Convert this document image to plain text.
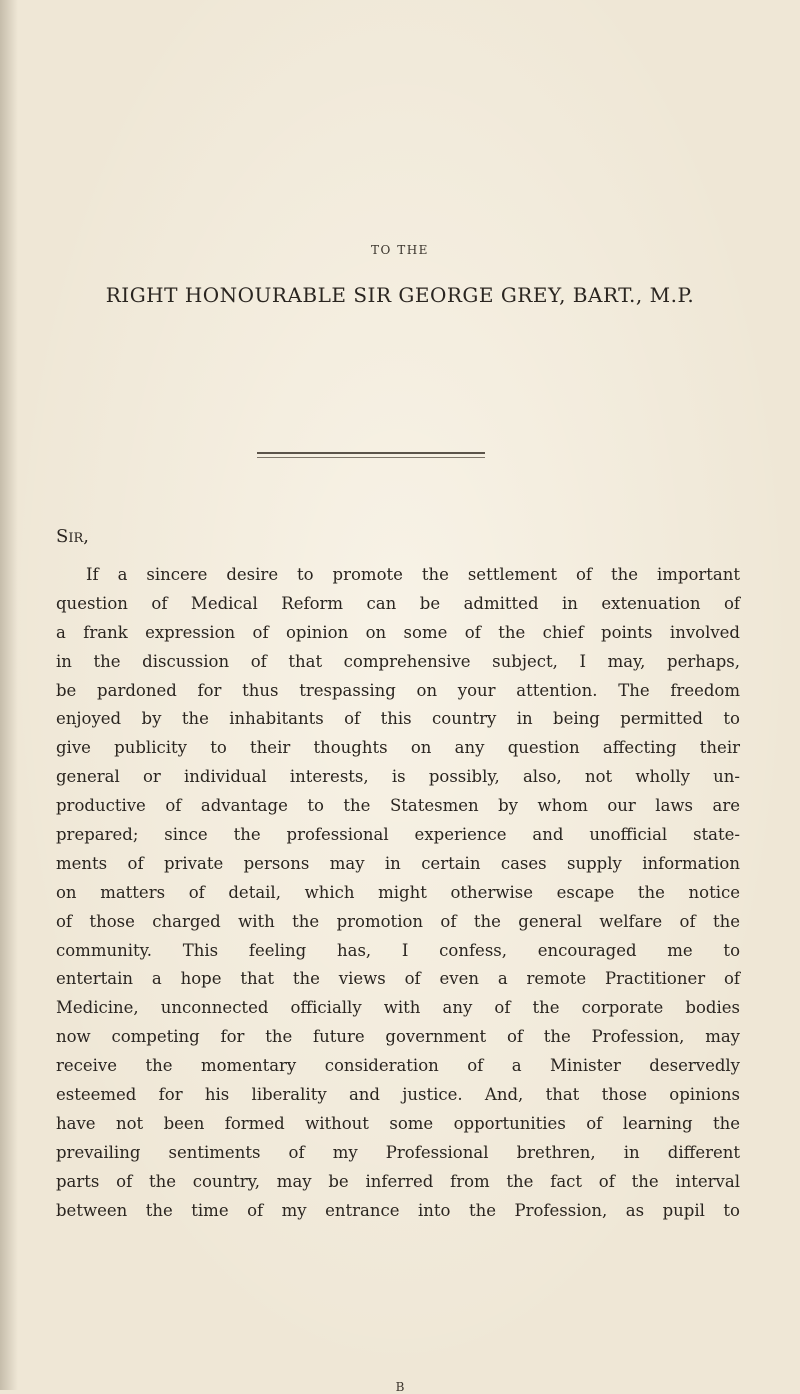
TO THE
RIGHT HONOURABLE SIR GEORGE GREY, BART., M.P.
Sir,
If a sincere desire to promote the settlement of the important
question of Medical Reform can be admitted in extenuation of
a frank expression of opinion on some of the chief points involved
in the discussion of that comprehensive subject, I may, perhaps,
be pardoned for thus trespassing on your attention. The freedom
enjoyed by the inhabitants of this country in being permitted to
give publicity to their thoughts on any question affecting their
general or individual interests, is possibly, also, not wholly un-
productive of advantage to the Statesmen by whom our laws are
prepared; since the professional experience and unofficial state-
ments of private persons may in certain cases supply information
on matters of detail, which might otherwise escape the notice
of those charged with the promotion of the general welfare of the
community. This feeling has, I confess, encouraged me to
entertain a hope that the views of even a remote Practitioner of
Medicine, unconnected officially with any of the corporate bodies
now competing for the future government of the Profession, may
receive the momentary consideration of a Minister deservedly
esteemed for his liberality and justice. And, that those opinions
have not been formed without some opportunities of learning the
prevailing sentiments of my Professional brethren, in different
parts of the country, may be inferred from the fact of the interval
between the time of my entrance into the Profession, as pupil to
B
